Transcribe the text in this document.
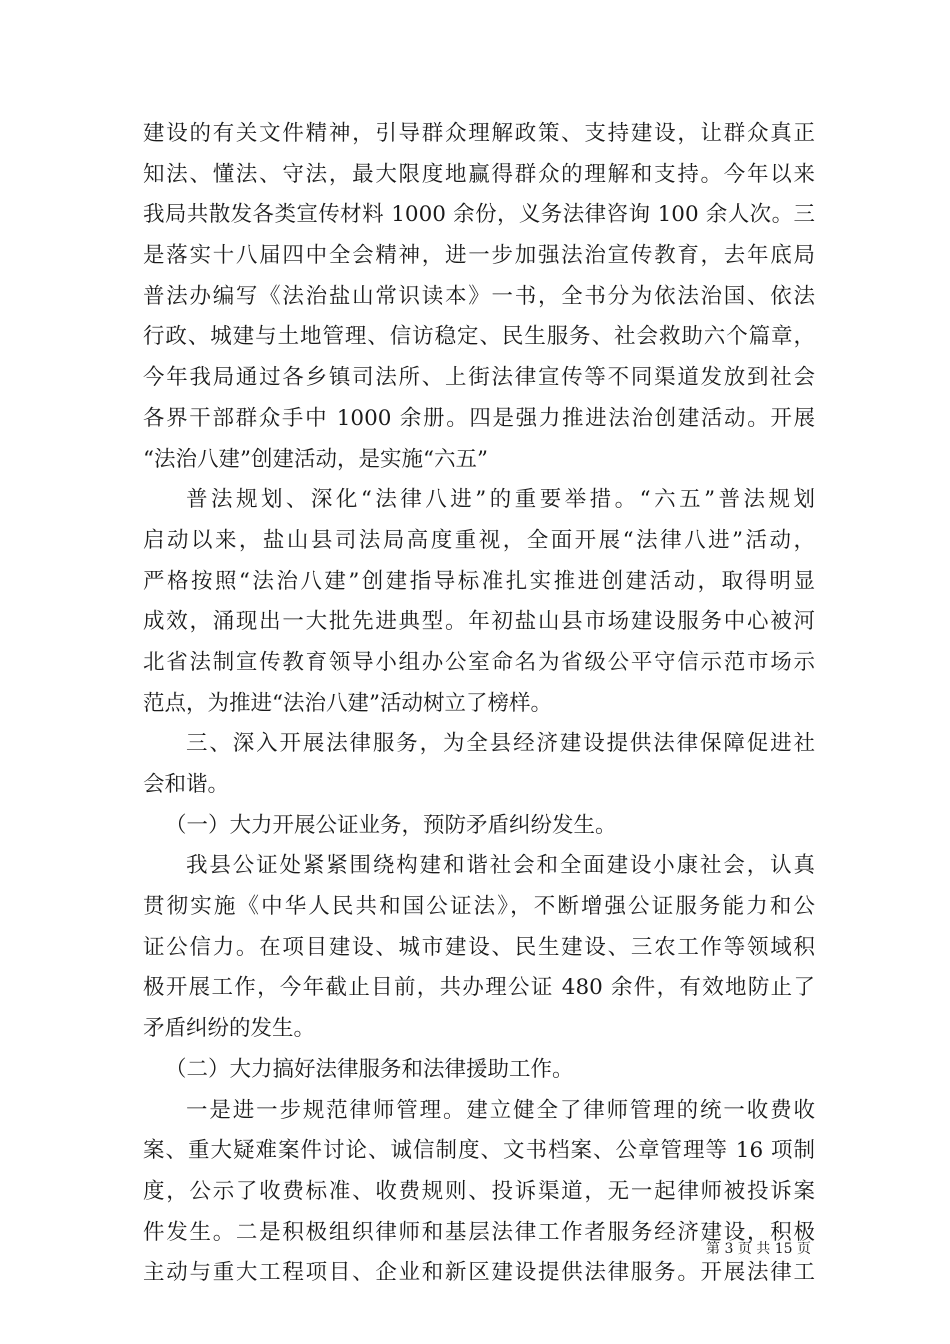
建设的有关文件精神，引导群众理解政策、支持建设，让群众真正
知法、懂法、守法，最大限度地赢得群众的理解和支持。今年以来
我局共散发各类宣传材料 1000 余份，义务法律咨询 100 余人次。三
是落实十八届四中全会精神，进一步加强法治宣传教育，去年底局
普法办编写《法治盐山常识读本》一书，全书分为依法治国、依法
行政、城建与土地管理、信访稳定、民生服务、社会救助六个篇章，
今年我局通过各乡镇司法所、上街法律宣传等不同渠道发放到社会
各界干部群众手中 1000 余册。四是强力推进法治创建活动。开展
“法治八建”创建活动，是实施“六五”
普法规划、深化“法律八进”的重要举措。“六五”普法规划
启动以来，盐山县司法局高度重视，全面开展“法律八进”活动，
严格按照“法治八建”创建指导标准扎实推进创建活动，取得明显
成效，涌现出一大批先进典型。年初盐山县市场建设服务中心被河
北省法制宣传教育领导小组办公室命名为省级公平守信示范市场示
范点，为推进“法治八建”活动树立了榜样。
三、深入开展法律服务，为全县经济建设提供法律保障促进社
会和谐。
（一）大力开展公证业务，预防矛盾纠纷发生。
我县公证处紧紧围绕构建和谐社会和全面建设小康社会，认真
贯彻实施《中华人民共和国公证法》，不断增强公证服务能力和公
证公信力。在项目建设、城市建设、民生建设、三农工作等领域积
极开展工作，今年截止目前，共办理公证 480 余件，有效地防止了
矛盾纠纷的发生。
（二）大力搞好法律服务和法律援助工作。
一是进一步规范律师管理。建立健全了律师管理的统一收费收
案、重大疑难案件讨论、诚信制度、文书档案、公章管理等 16 项制
度，公示了收费标准、收费规则、投诉渠道，无一起律师被投诉案
件发生。二是积极组织律师和基层法律工作者服务经济建设，积极
主动与重大工程项目、企业和新区建设提供法律服务。开展法律工
第 3 页 共 15 页
